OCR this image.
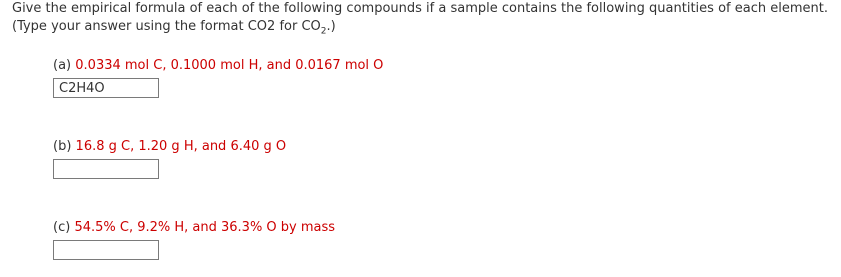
Give the empirical formula of each of the following compounds if a sample contains the following quantities of each element.

(Type your answer using the format CO2 for $CO_2$.)

(a) 0.0334 mol C, 0.1000 mol H, and 0.0167 mol O
C2H4O
(b) 16.8 g C, 1.20 g H, and 6.40 g O
(c) 54.5% C, 9.2% H, and 36.3% O by mass
